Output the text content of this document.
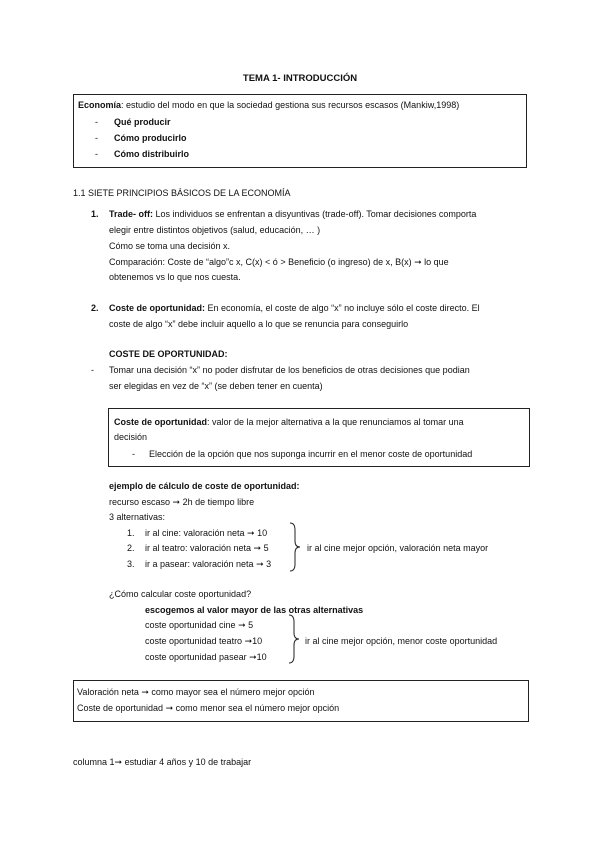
TEMA 1- INTRODUCCIÓN
Economía: estudio del modo en que la sociedad gestiona sus recursos escasos (Mankiw,1998)
- Qué producir
- Cómo producirlo
- Cómo distribuirlo
1.1 SIETE PRINCIPIOS BÁSICOS DE LA ECONOMÍA
1. Trade- off: Los individuos se enfrentan a disyuntivas (trade-off). Tomar decisiones comporta
elegir entre distintos objetivos (salud, educación, … )
Cómo se toma una decisión x.
Comparación: Coste de “algo”c x, C(x) < ó > Beneficio (o ingreso) de x, B(x) ➞ lo que
obtenemos vs lo que nos cuesta.
2. Coste de oportunidad: En economía, el coste de algo “x” no incluye sólo el coste directo. El
coste de algo “x” debe incluir aquello a lo que se renuncia para conseguirlo
COSTE DE OPORTUNIDAD:
- Tomar una decisión “x” no poder disfrutar de los beneficios de otras decisiones que podian
ser elegidas en vez de “x” (se deben tener en cuenta)
Coste de oportunidad: valor de la mejor alternativa a la que renunciamos al tomar una
decisión
- Elección de la opción que nos suponga incurrir en el menor coste de oportunidad
ejemplo de cálculo de coste de oportunidad:
recurso escaso ➞ 2h de tiempo libre
3 alternativas:
1. ir al cine: valoración neta ➞ 10
2. ir al teatro: valoración neta ➞ 5
3. ir a pasear: valoración neta ➞ 3
ir al cine mejor opción, valoración neta mayor
¿Cómo calcular coste oportunidad?
escogemos al valor mayor de las otras alternativas
coste oportunidad cine ➞ 5
coste oportunidad teatro ➞10
coste oportunidad pasear ➞10
ir al cine mejor opción, menor coste oportunidad
Valoración neta ➞ como mayor sea el número mejor opción
Coste de oportunidad ➞ como menor sea el número mejor opción
columna 1➞ estudiar 4 años y 10 de trabajar
